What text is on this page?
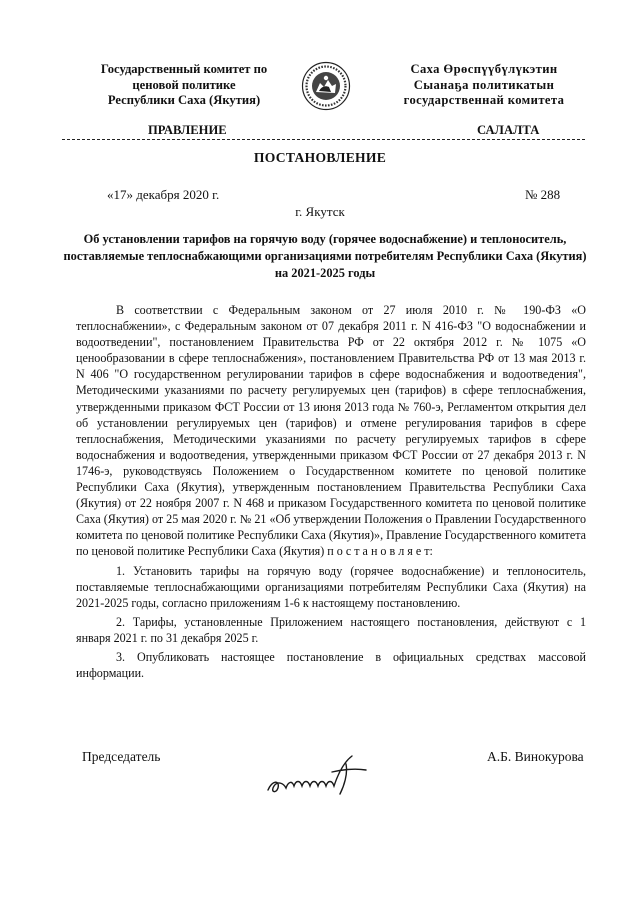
Государственный комитет по
ценовой политике
Республики Саха (Якутия)
Саха Өрөспүүбүлүкэтин
Сыанаҕа политикатын
государственнай комитета
ПРАВЛЕНИЕ	САЛАЛТА
ПОСТАНОВЛЕНИЕ
«17» декабря 2020 г.	№ 288
г. Якутск
Об установлении тарифов на горячую воду (горячее водоснабжение) и теплоноситель, поставляемые теплоснабжающими организациями потребителям Республики Саха (Якутия) на 2021-2025 годы

В соответствии с Федеральным законом от 27 июля 2010 г. № 190-ФЗ «О теплоснабжении», с Федеральным законом от 07 декабря 2011 г. N 416-ФЗ "О водоснабжении и водоотведении", постановлением Правительства РФ от 22 октября 2012 г. № 1075 «О ценообразовании в сфере теплоснабжения», постановлением Правительства РФ от 13 мая 2013 г. N 406 "О государственном регулировании тарифов в сфере водоснабжения и водоотведения", Методическими указаниями по расчету регулируемых цен (тарифов) в сфере теплоснабжения, утвержденными приказом ФСТ России от 13 июня 2013 года № 760-э, Регламентом открытия дел об установлении регулируемых цен (тарифов) и отмене регулирования тарифов в сфере теплоснабжения, Методическими указаниями по расчету регулируемых тарифов в сфере водоснабжения и водоотведения, утвержденными приказом ФСТ России от 27 декабря 2013 г. N 1746-э, руководствуясь Положением о Государственном комитете по ценовой политике Республики Саха (Якутия), утвержденным постановлением Правительства Республики Саха (Якутия) от 22 ноября 2007 г. N 468 и приказом Государственного комитета по ценовой политике Саха (Якутия) от 25 мая 2020 г. № 21 «Об утверждении Положения о Правлении Государственного комитета по ценовой политике Республики Саха (Якутия)», Правление Государственного комитета по ценовой политике Республики Саха (Якутия) п о с т а н о в л я е т:

1. Установить тарифы на горячую воду (горячее водоснабжение) и теплоноситель, поставляемые теплоснабжающими организациями потребителям Республики Саха (Якутия) на 2021-2025 годы, согласно приложениям 1-6 к настоящему постановлению.

2. Тарифы, установленные Приложением настоящего постановления, действуют с 1 января 2021 г. по 31 декабря 2025 г.

3. Опубликовать настоящее постановление в официальных средствах массовой информации.

Председатель	А.Б. Винокурова
